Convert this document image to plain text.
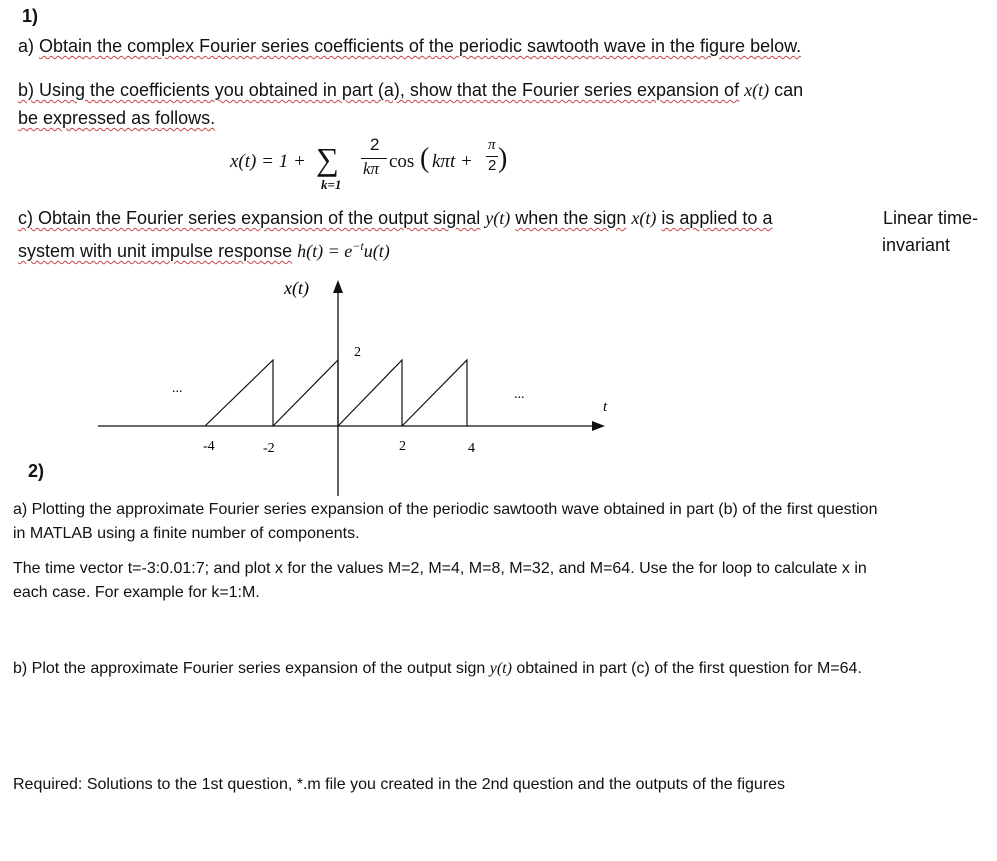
1)
a) Obtain the complex Fourier series coefficients of the periodic sawtooth wave in the figure below.
b) Using the coefficients you obtained in part (a), show that the Fourier series expansion of x(t) can
be expressed as follows.
x(t) = 1 + ∑
k=1
2
kπ cos ( kπt +
π
2 )
c) Obtain the Fourier series expansion of the output signal y(t) when the sign x(t) is applied to a	Linear time-
invariant
system with unit impulse response $h(t) = e^{-t}u(t)$
x(t)
t
2
...	...
-4	-2	2	4
2)
a) Plotting the approximate Fourier series expansion of the periodic sawtooth wave obtained in part (b) of the first question
in MATLAB using a finite number of components.
The time vector t=-3:0.01:7; and plot x for the values M=2, M=4, M=8, M=32, and M=64. Use the for loop to calculate x in
each case. For example for k=1:M.
b) Plot the approximate Fourier series expansion of the output sign y(t) obtained in part (c) of the first question for M=64.
Required: Solutions to the 1st question, *.m file you created in the 2nd question and the outputs of the figures
